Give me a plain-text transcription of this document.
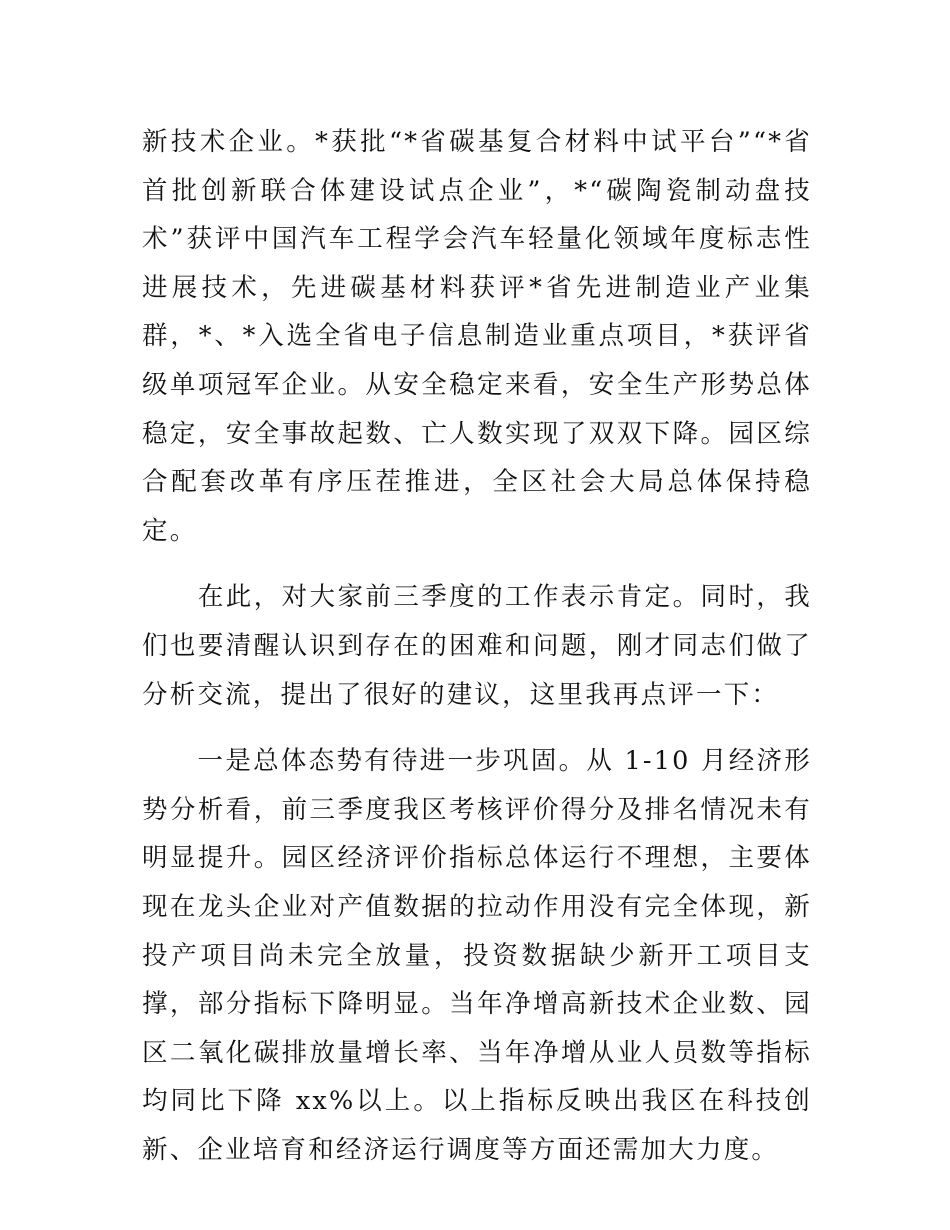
新技术企业。*获批“*省碳基复合材料中试平台”“*省首批创新联合体建设试点企业”，*“碳陶瓷制动盘技术”获评中国汽车工程学会汽车轻量化领域年度标志性进展技术，先进碳基材料获评*省先进制造业产业集群，*、*入选全省电子信息制造业重点项目，*获评省级单项冠军企业。从安全稳定来看，安全生产形势总体稳定，安全事故起数、亡人数实现了双双下降。园区综合配套改革有序压茬推进，全区社会大局总体保持稳定。

　　在此，对大家前三季度的工作表示肯定。同时，我们也要清醒认识到存在的困难和问题，刚才同志们做了分析交流，提出了很好的建议，这里我再点评一下：

　　一是总体态势有待进一步巩固。从 1-10 月经济形势分析看，前三季度我区考核评价得分及排名情况未有明显提升。园区经济评价指标总体运行不理想，主要体现在龙头企业对产值数据的拉动作用没有完全体现，新投产项目尚未完全放量，投资数据缺少新开工项目支撑，部分指标下降明显。当年净增高新技术企业数、园区二氧化碳排放量增长率、当年净增从业人员数等指标均同比下降 xx%以上。以上指标反映出我区在科技创新、企业培育和经济运行调度等方面还需加大力度。
